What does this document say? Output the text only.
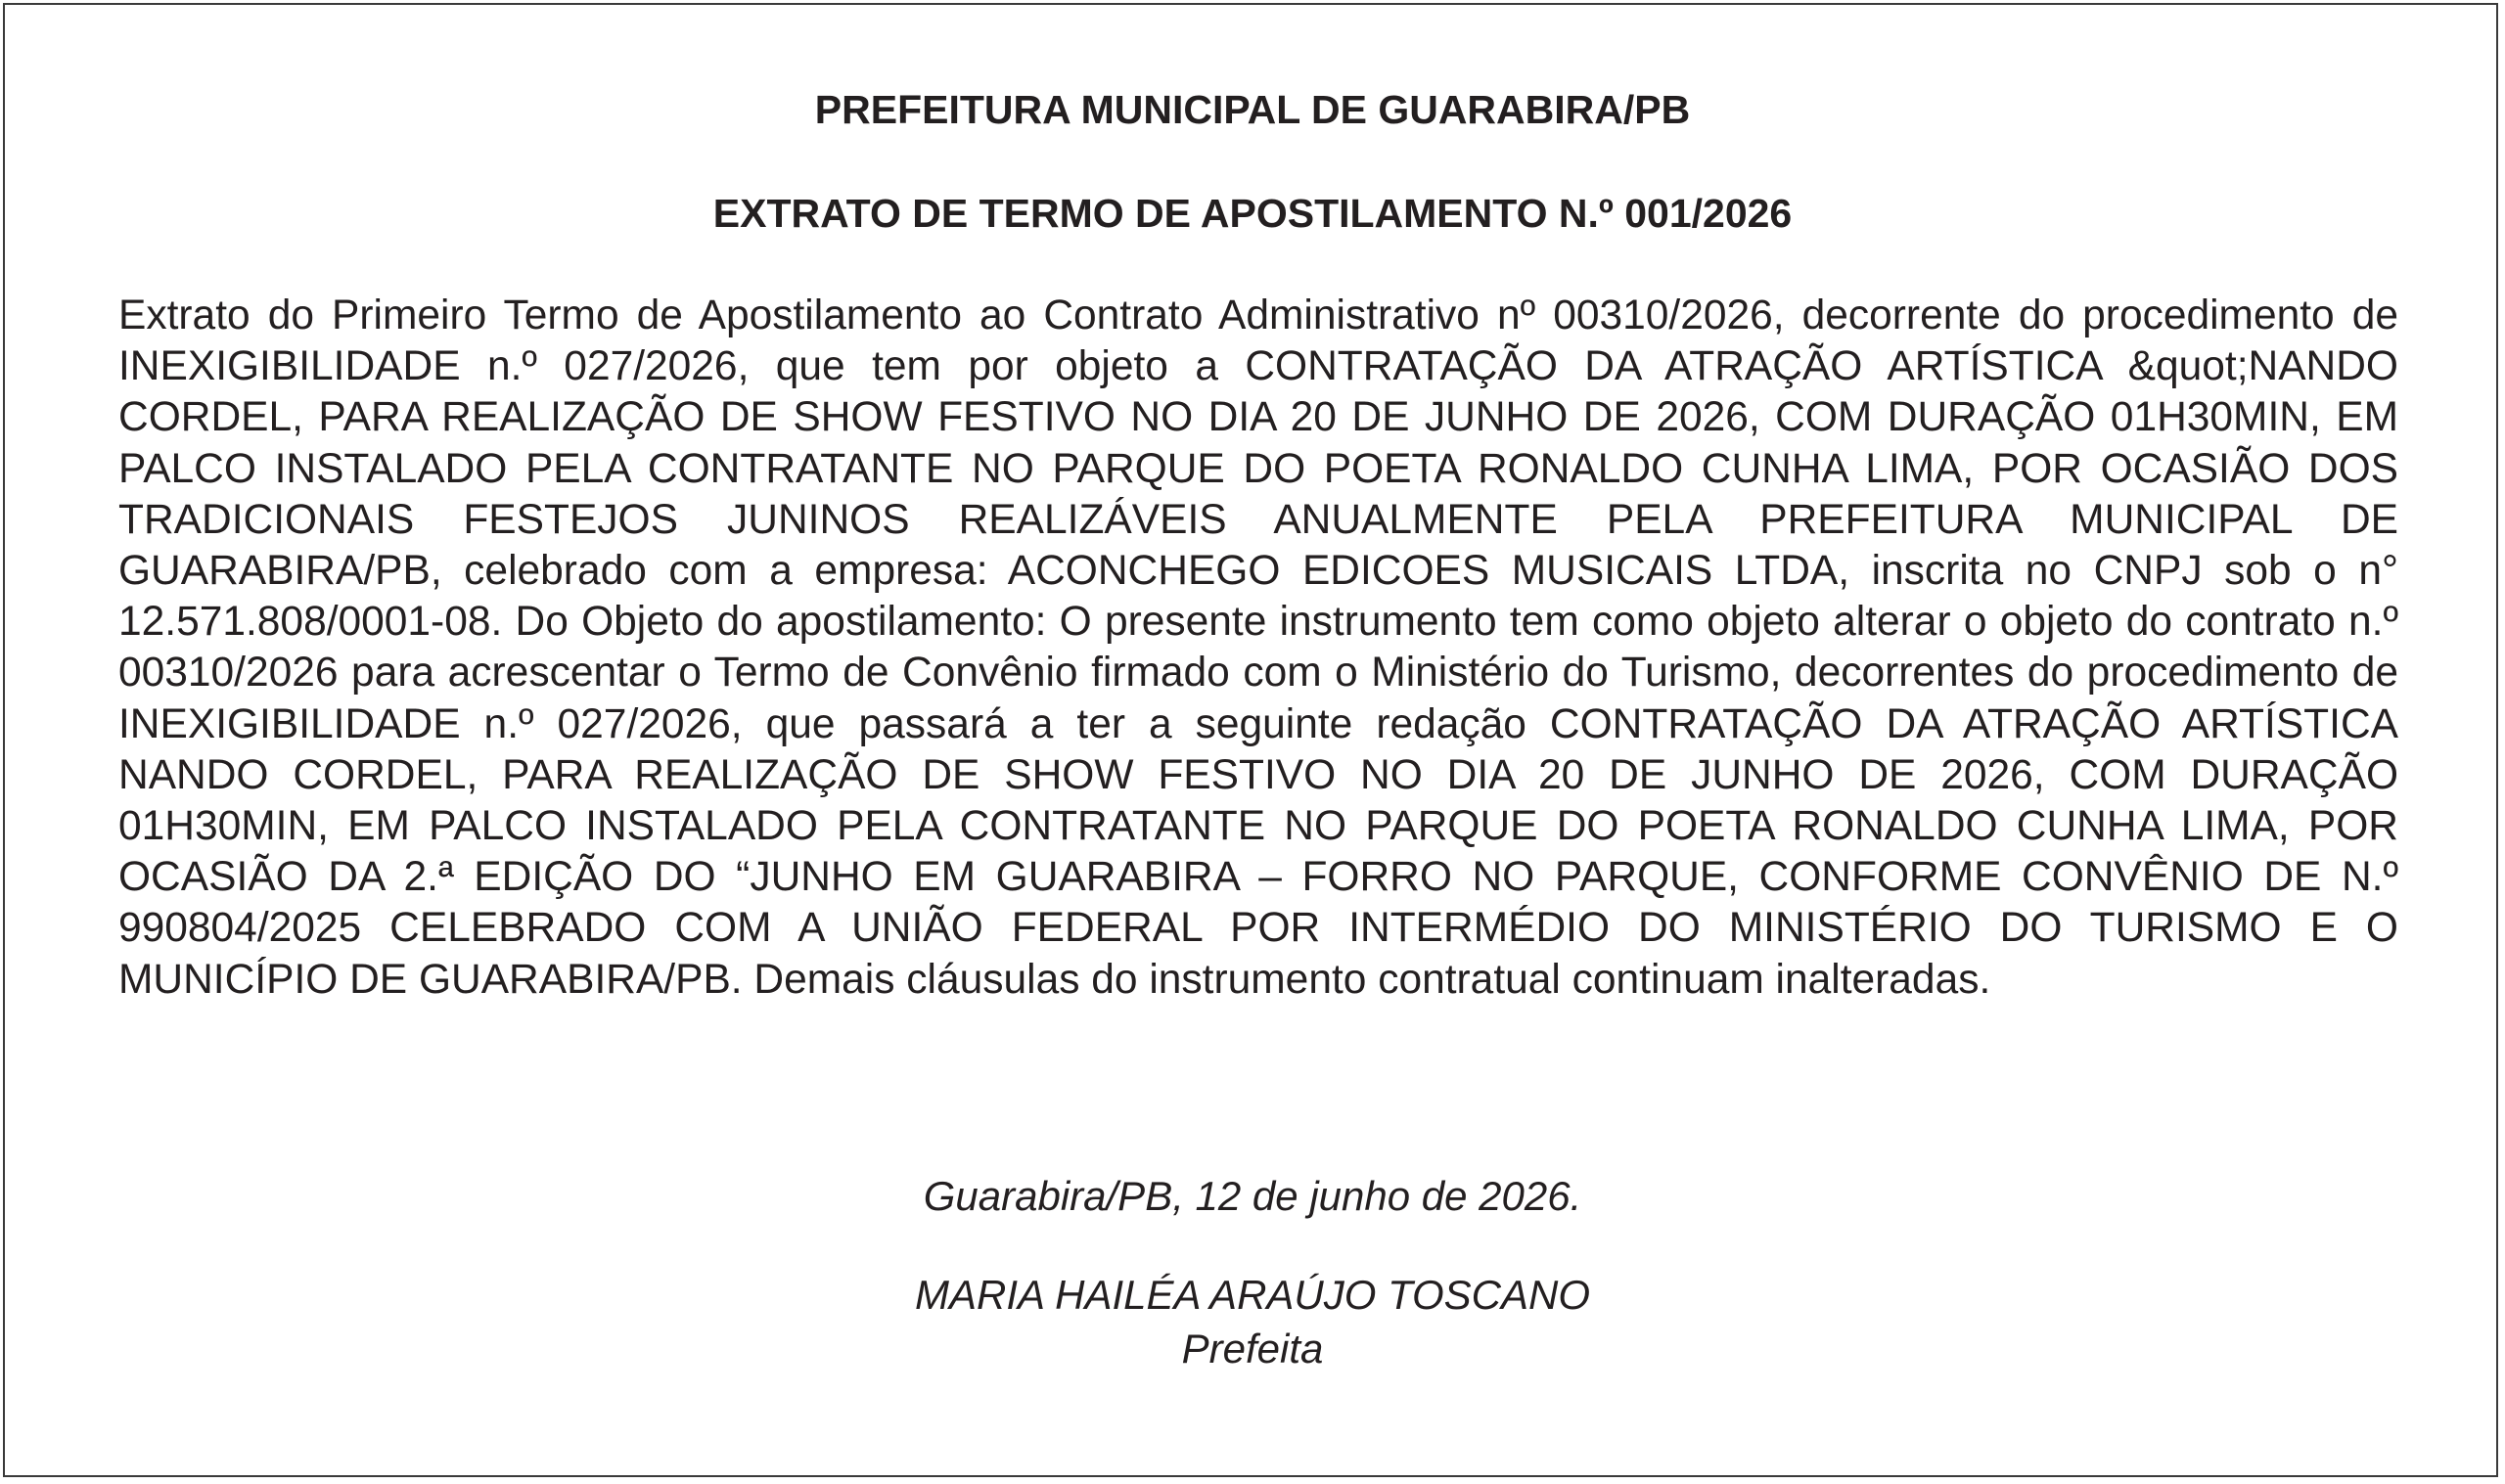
PREFEITURA MUNICIPAL DE GUARABIRA/PB
EXTRATO DE TERMO DE APOSTILAMENTO N.º 001/2026

Extrato do Primeiro Termo de Apostilamento ao Contrato Administrativo nº 00310/2026, decorrente do procedimento de INEXIGIBILIDADE n.º 027/2026, que tem por objeto a CONTRATAÇÃO DA ATRAÇÃO ARTÍSTICA &quot;NANDO CORDEL, PARA REALIZAÇÃO DE SHOW FESTIVO NO DIA 20 DE JUNHO DE 2026, COM DURAÇÃO 01H30MIN, EM PALCO INSTALADO PELA CONTRATANTE NO PARQUE DO POETA RONALDO CUNHA LIMA, POR OCASIÃO DOS TRADICIONAIS FESTEJOS JUNINOS REALIZÁVEIS ANUALMENTE PELA PREFEITURA MUNICIPAL DE GUARABIRA/PB, celebrado com a empresa: ACONCHEGO EDICOES MUSICAIS LTDA, inscrita no CNPJ sob o n° 12.571.808/0001-08. Do Objeto do apostilamento: O presente instrumento tem como objeto alterar o objeto do contrato n.º 00310/2026 para acrescentar o Termo de Convênio firmado com o Ministério do Turismo, decorrentes do procedimento de INEXIGIBILIDADE n.º 027/2026, que passará a ter a seguinte redação CONTRATAÇÃO DA ATRAÇÃO ARTÍSTICA NANDO CORDEL, PARA REALIZAÇÃO DE SHOW FESTIVO NO DIA 20 DE JUNHO DE 2026, COM DURAÇÃO 01H30MIN, EM PALCO INSTALADO PELA CONTRATANTE NO PARQUE DO POETA RONALDO CUNHA LIMA, POR OCASIÃO DA 2.ª EDIÇÃO DO “JUNHO EM GUARABIRA – FORRO NO PARQUE, CONFORME CONVÊNIO DE N.º 990804/2025 CELEBRADO COM A UNIÃO FEDERAL POR INTERMÉDIO DO MINISTÉRIO DO TURISMO E O MUNICÍPIO DE GUARABIRA/PB. Demais cláusulas do instrumento contratual continuam inalteradas.

Guarabira/PB, 12 de junho de 2026.
MARIA HAILÉA ARAÚJO TOSCANO
Prefeita
